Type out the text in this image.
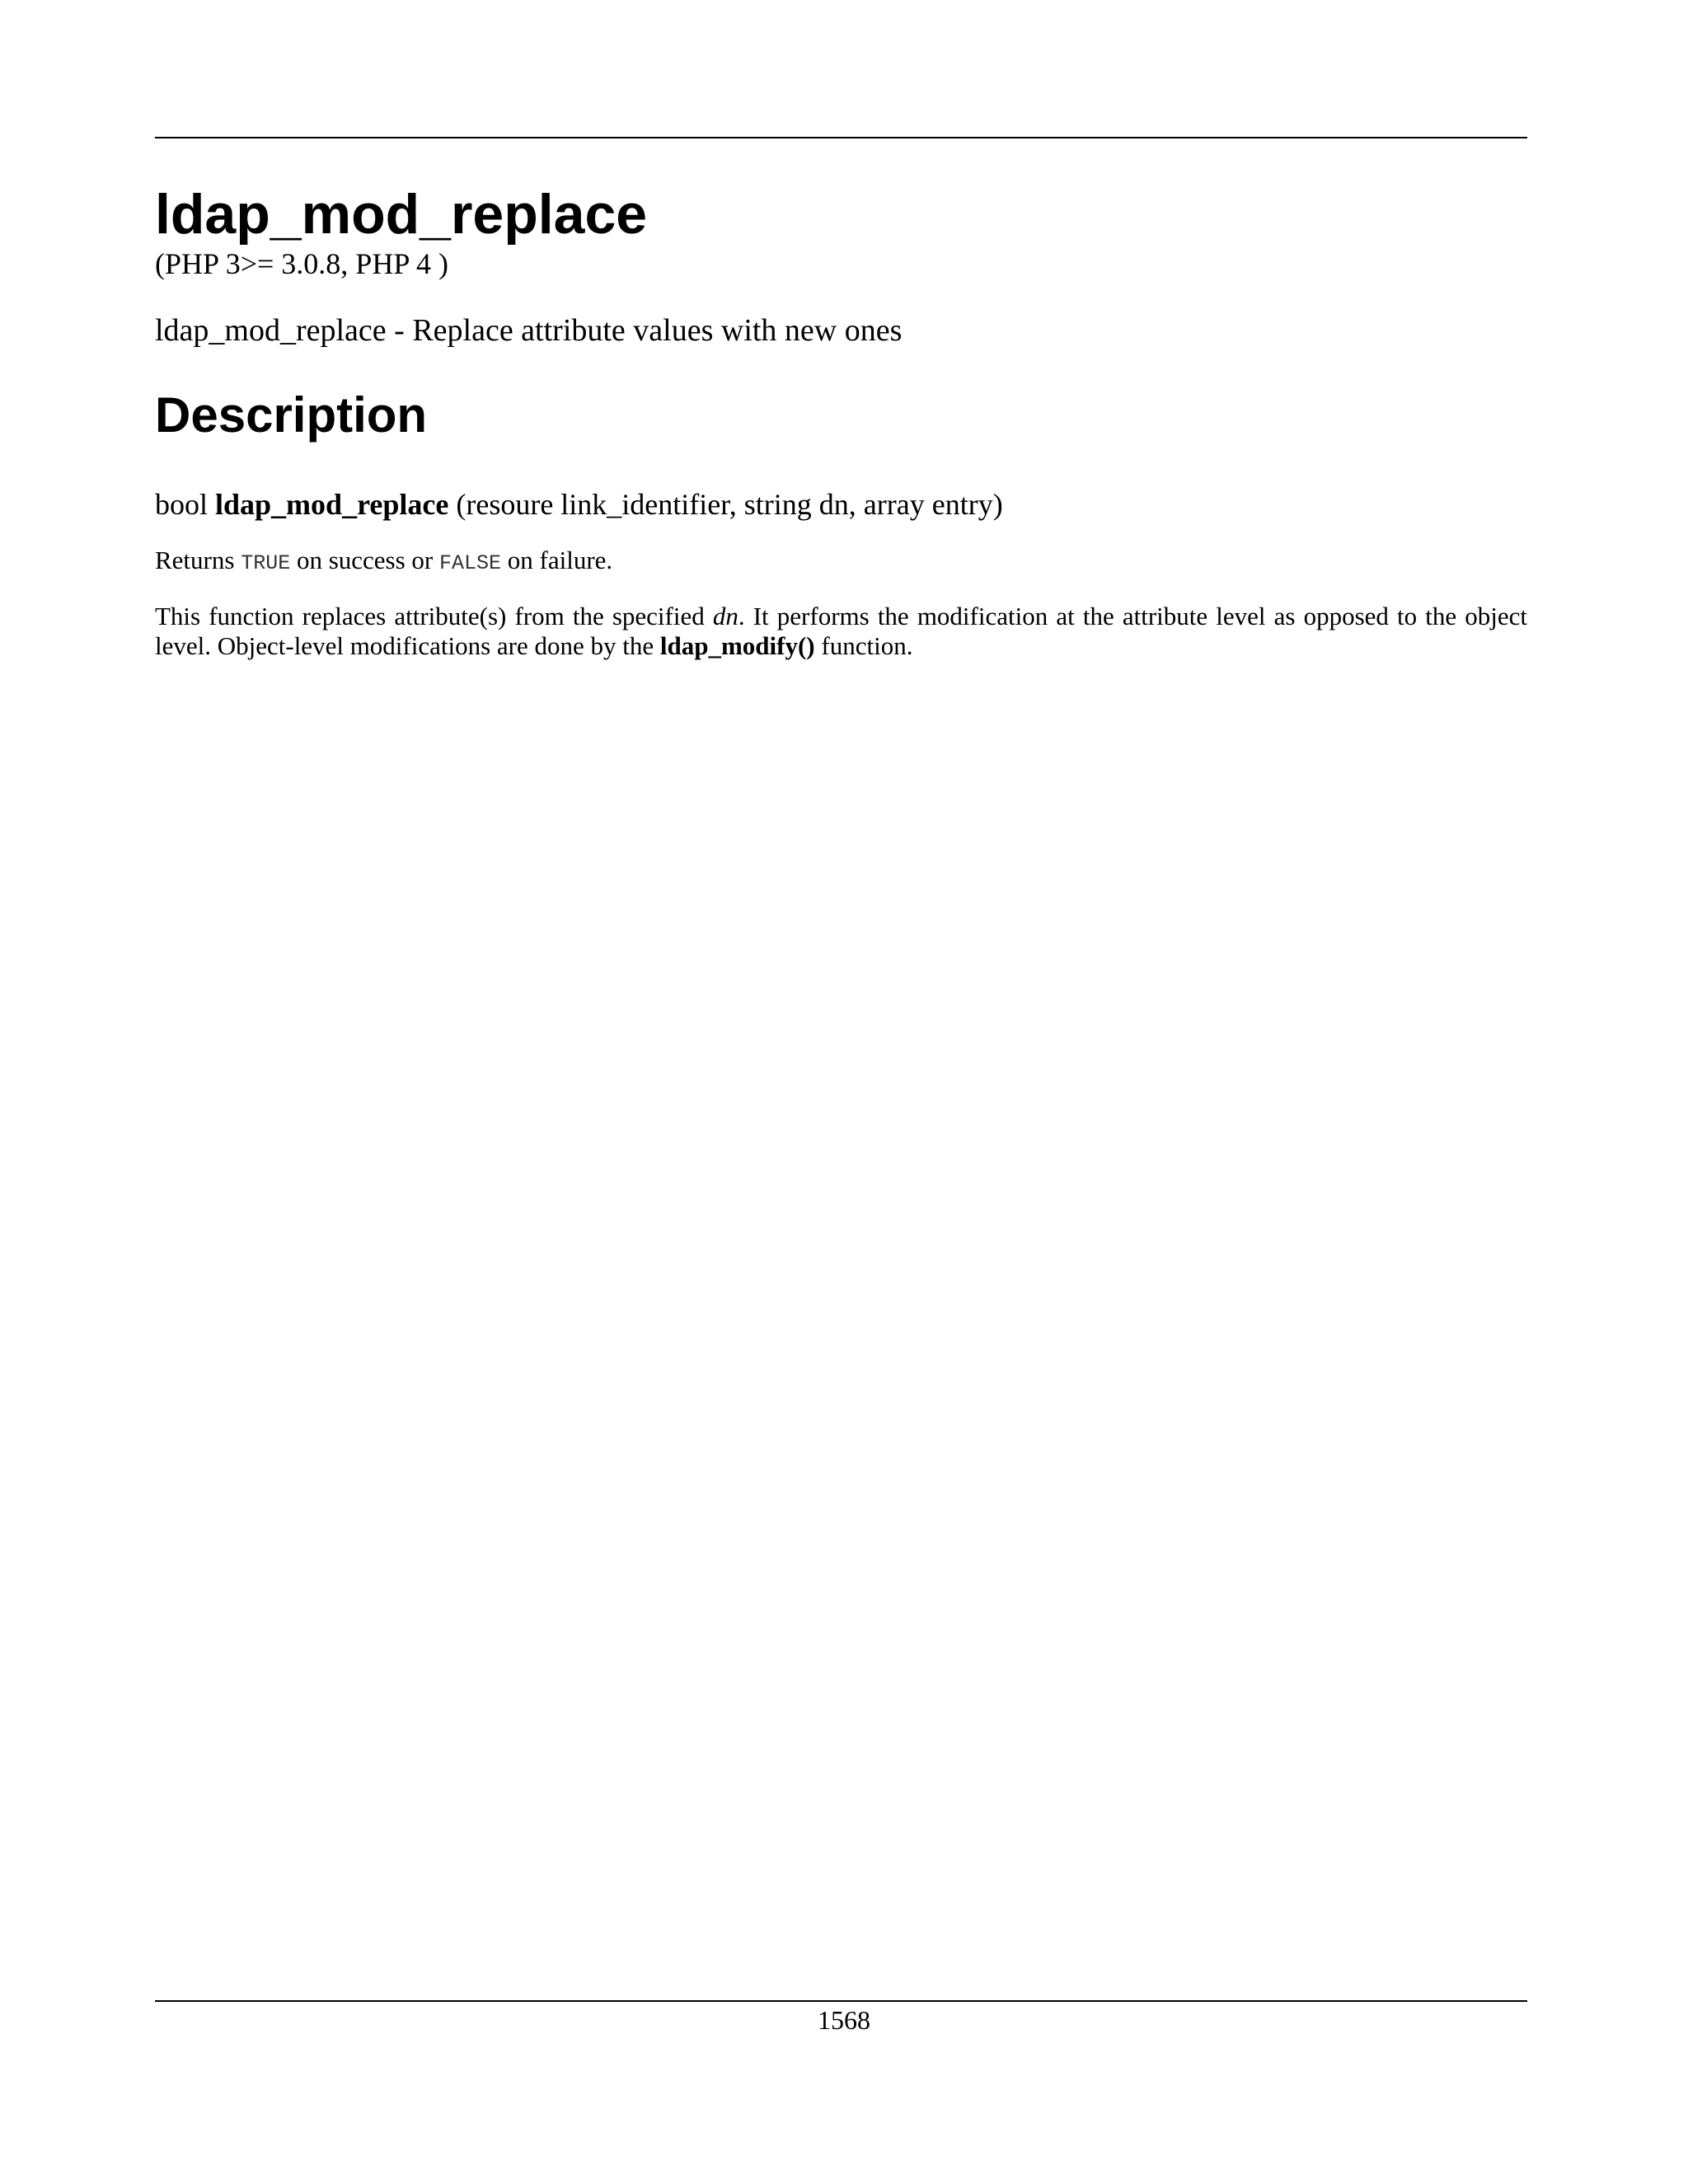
ldap_mod_replace
(PHP 3>= 3.0.8, PHP 4 )
ldap_mod_replace - Replace attribute values with new ones
Description
bool ldap_mod_replace (resoure link_identifier, string dn, array entry)

Returns TRUE on success or FALSE on failure.

This function replaces attribute(s) from the specified dn. It performs the modification at the attribute level as opposed to the object level. Object-level modifications are done by the ldap_modify() function.

1568
